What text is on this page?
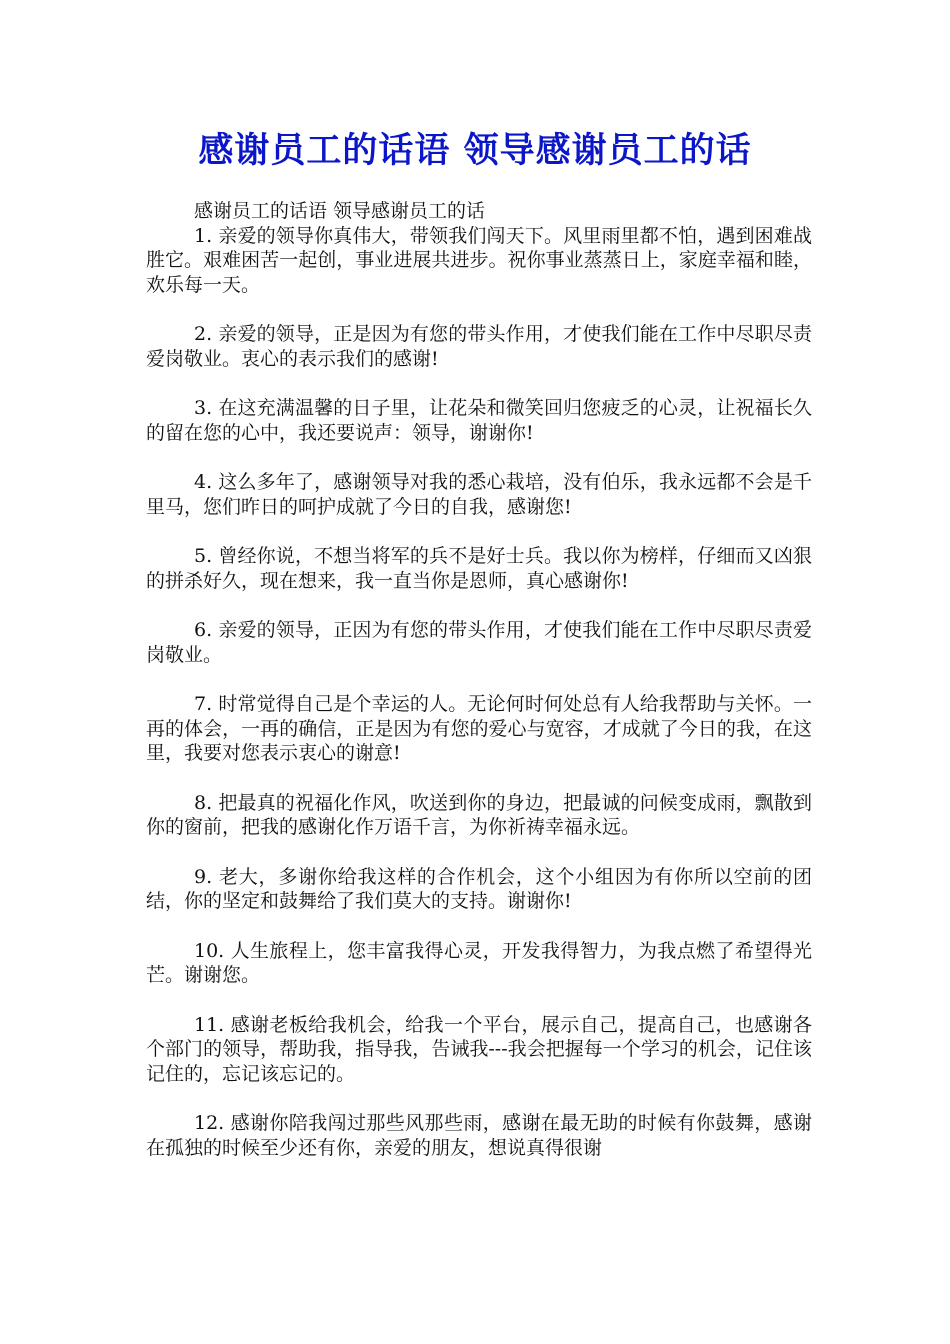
感谢员工的话语 领导感谢员工的话

感谢员工的话语 领导感谢员工的话

1. 亲爱的领导你真伟大，带领我们闯天下。风里雨里都不怕，遇到困难战胜它。艰难困苦一起创，事业进展共进步。祝你事业蒸蒸日上，家庭幸福和睦，欢乐每一天。

2. 亲爱的领导，正是因为有您的带头作用，才使我们能在工作中尽职尽责爱岗敬业。衷心的表示我们的感谢!

3. 在这充满温馨的日子里，让花朵和微笑回归您疲乏的心灵，让祝福长久的留在您的心中，我还要说声：领导，谢谢你!

4. 这么多年了，感谢领导对我的悉心栽培，没有伯乐，我永远都不会是千里马，您们昨日的呵护成就了今日的自我，感谢您!

5. 曾经你说，不想当将军的兵不是好士兵。我以你为榜样，仔细而又凶狠的拼杀好久，现在想来，我一直当你是恩师，真心感谢你!

6. 亲爱的领导，正因为有您的带头作用，才使我们能在工作中尽职尽责爱岗敬业。

7. 时常觉得自己是个幸运的人。无论何时何处总有人给我帮助与关怀。一再的体会，一再的确信，正是因为有您的爱心与宽容，才成就了今日的我，在这里，我要对您表示衷心的谢意!

8. 把最真的祝福化作风，吹送到你的身边，把最诚的问候变成雨，飘散到你的窗前，把我的感谢化作万语千言，为你祈祷幸福永远。

9. 老大，多谢你给我这样的合作机会，这个小组因为有你所以空前的团结，你的坚定和鼓舞给了我们莫大的支持。谢谢你!

10. 人生旅程上，您丰富我得心灵，开发我得智力，为我点燃了希望得光芒。谢谢您。

11. 感谢老板给我机会，给我一个平台，展示自己，提高自己，也感谢各个部门的领导，帮助我，指导我，告诫我---我会把握每一个学习的机会，记住该记住的，忘记该忘记的。

12. 感谢你陪我闯过那些风那些雨，感谢在最无助的时候有你鼓舞，感谢在孤独的时候至少还有你，亲爱的朋友，想说真得很谢
